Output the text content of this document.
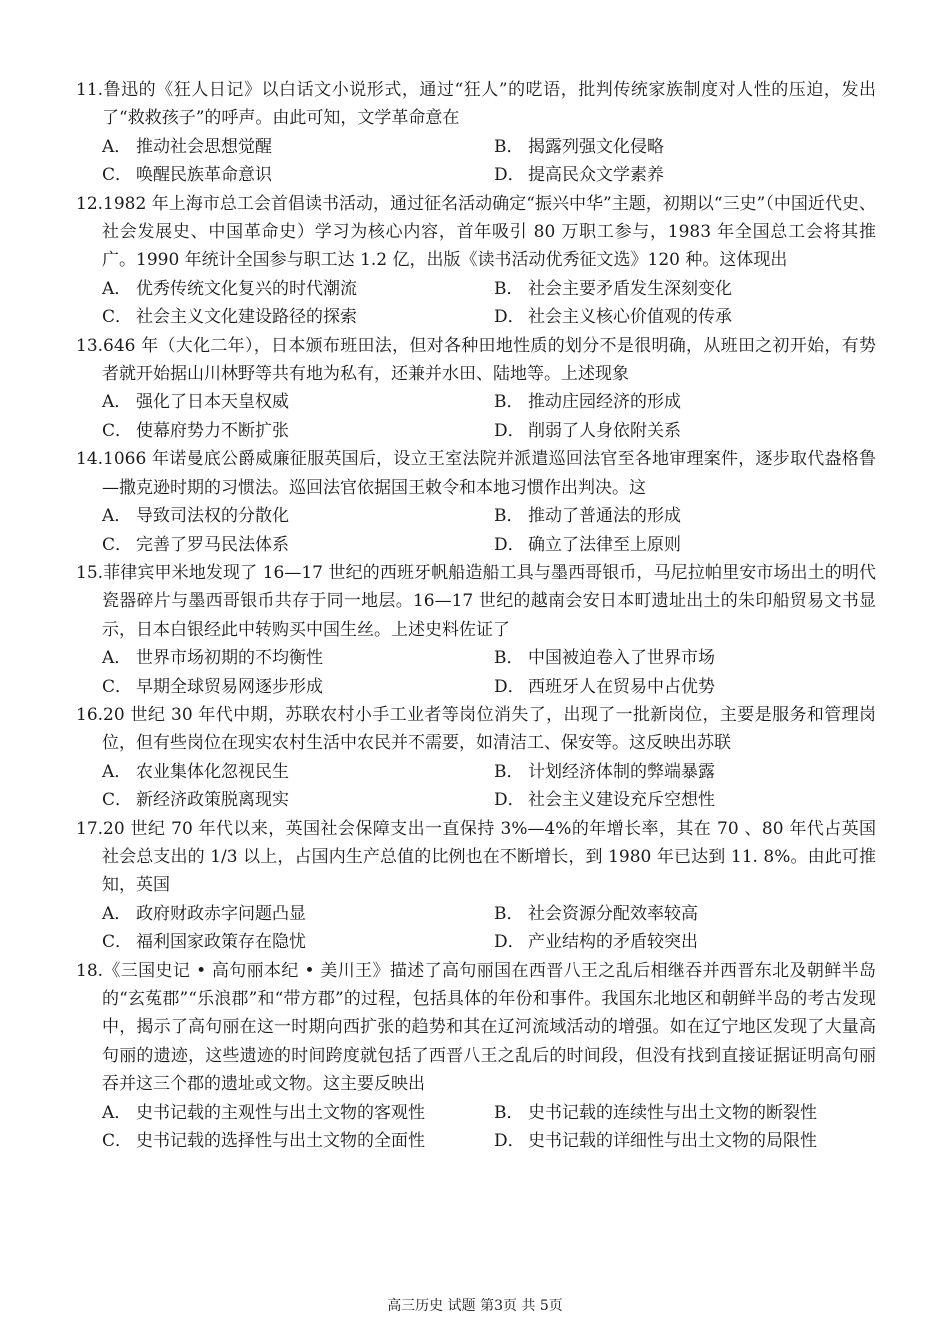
11.鲁迅的《狂人日记》以白话文小说形式，通过“狂人”的呓语，批判传统家族制度对人性的压迫，发出了“救救孩子”的呼声。由此可知，文学革命意在

A． 推动社会思想觉醒	B． 揭露列强文化侵略
C． 唤醒民族革命意识	D． 提高民众文学素养

12.1982 年上海市总工会首倡读书活动，通过征名活动确定“振兴中华”主题，初期以“三史”（中国近代史、社会发展史、中国革命史）学习为核心内容，首年吸引 80 万职工参与，1983 年全国总工会将其推广。1990 年统计全国参与职工达 1.2 亿，出版《读书活动优秀征文选》120 种。这体现出

A． 优秀传统文化复兴的时代潮流	B． 社会主要矛盾发生深刻变化
C． 社会主义文化建设路径的探索	D． 社会主义核心价值观的传承

13.646 年（大化二年），日本颁布班田法，但对各种田地性质的划分不是很明确，从班田之初开始，有势者就开始据山川林野等共有地为私有，还兼并水田、陆地等。上述现象

A． 强化了日本天皇权威	B． 推动庄园经济的形成
C． 使幕府势力不断扩张	D． 削弱了人身依附关系

14.1066 年诺曼底公爵威廉征服英国后，设立王室法院并派遣巡回法官至各地审理案件，逐步取代盎格鲁—撒克逊时期的习惯法。巡回法官依据国王敕令和本地习惯作出判决。这

A． 导致司法权的分散化	B． 推动了普通法的形成
C． 完善了罗马民法体系	D． 确立了法律至上原则

15.菲律宾甲米地发现了 16—17 世纪的西班牙帆船造船工具与墨西哥银币，马尼拉帕里安市场出土的明代瓷器碎片与墨西哥银币共存于同一地层。16—17 世纪的越南会安日本町遗址出土的朱印船贸易文书显示，日本白银经此中转购买中国生丝。上述史料佐证了

A． 世界市场初期的不均衡性	B． 中国被迫卷入了世界市场
C． 早期全球贸易网逐步形成	D． 西班牙人在贸易中占优势

16.20 世纪 30 年代中期，苏联农村小手工业者等岗位消失了，出现了一批新岗位，主要是服务和管理岗位，但有些岗位在现实农村生活中农民并不需要，如清洁工、保安等。这反映出苏联

A． 农业集体化忽视民生	B． 计划经济体制的弊端暴露
C． 新经济政策脱离现实	D． 社会主义建设充斥空想性

17.20 世纪 70 年代以来，英国社会保障支出一直保持 3%—4%的年增长率，其在 70 、80 年代占英国社会总支出的 1/3 以上，占国内生产总值的比例也在不断增长，到 1980 年已达到 11. 8%。由此可推知，英国

A． 政府财政赤字问题凸显	B． 社会资源分配效率较高
C． 福利国家政策存在隐忧	D． 产业结构的矛盾较突出

18.《三国史记 • 高句丽本纪 • 美川王》描述了高句丽国在西晋八王之乱后相继吞并西晋东北及朝鲜半岛的“玄菟郡”“乐浪郡”和“带方郡”的过程，包括具体的年份和事件。我国东北地区和朝鲜半岛的考古发现中，揭示了高句丽在这一时期向西扩张的趋势和其在辽河流域活动的增强。如在辽宁地区发现了大量高句丽的遗迹，这些遗迹的时间跨度就包括了西晋八王之乱后的时间段，但没有找到直接证据证明高句丽吞并这三个郡的遗址或文物。这主要反映出

A． 史书记载的主观性与出土文物的客观性	B． 史书记载的连续性与出土文物的断裂性
C． 史书记载的选择性与出土文物的全面性	D． 史书记载的详细性与出土文物的局限性
高三历史 试题 第3页 共 5页
